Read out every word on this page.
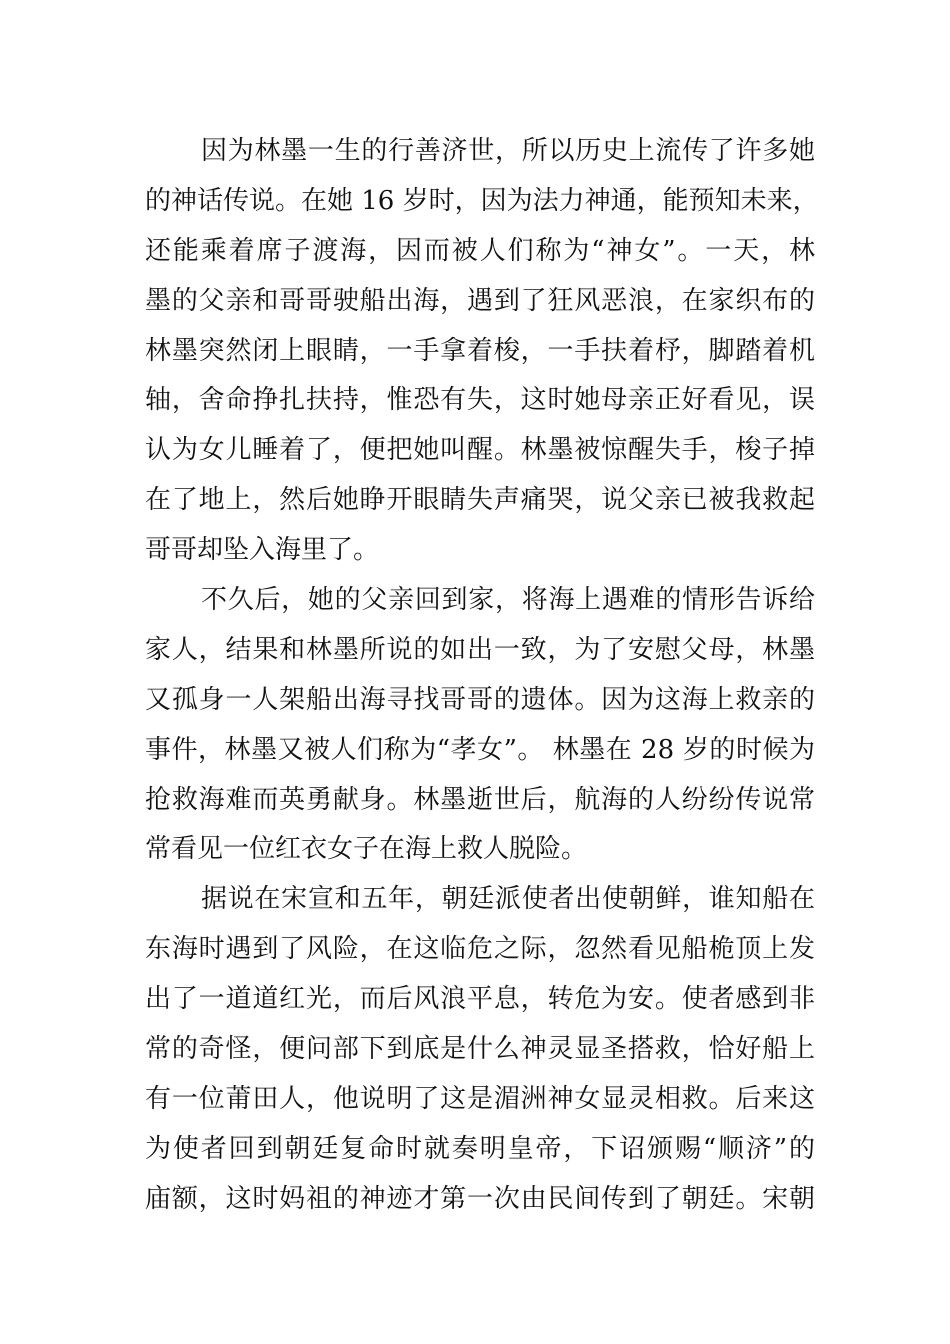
因为林墨一生的行善济世，所以历史上流传了许多她
的神话传说。在她 16 岁时，因为法力神通，能预知未来，
还能乘着席子渡海，因而被人们称为“神女”。一天，林
墨的父亲和哥哥驶船出海，遇到了狂风恶浪，在家织布的
林墨突然闭上眼睛，一手拿着梭，一手扶着杼，脚踏着机
轴，舍命挣扎扶持，惟恐有失，这时她母亲正好看见，误
认为女儿睡着了，便把她叫醒。林墨被惊醒失手，梭子掉
在了地上，然后她睁开眼睛失声痛哭，说父亲已被我救起
哥哥却坠入海里了。
不久后，她的父亲回到家，将海上遇难的情形告诉给
家人，结果和林墨所说的如出一致，为了安慰父母，林墨
又孤身一人架船出海寻找哥哥的遗体。因为这海上救亲的
事件，林墨又被人们称为“孝女”。 林墨在 28 岁的时候为
抢救海难而英勇献身。林墨逝世后，航海的人纷纷传说常
常看见一位红衣女子在海上救人脱险。
据说在宋宣和五年，朝廷派使者出使朝鲜，谁知船在
东海时遇到了风险，在这临危之际，忽然看见船桅顶上发
出了一道道红光，而后风浪平息，转危为安。使者感到非
常的奇怪，便问部下到底是什么神灵显圣搭救，恰好船上
有一位莆田人，他说明了这是湄洲神女显灵相救。后来这
为使者回到朝廷复命时就奏明皇帝，下诏颁赐“顺济”的
庙额，这时妈祖的神迹才第一次由民间传到了朝廷。宋朝
